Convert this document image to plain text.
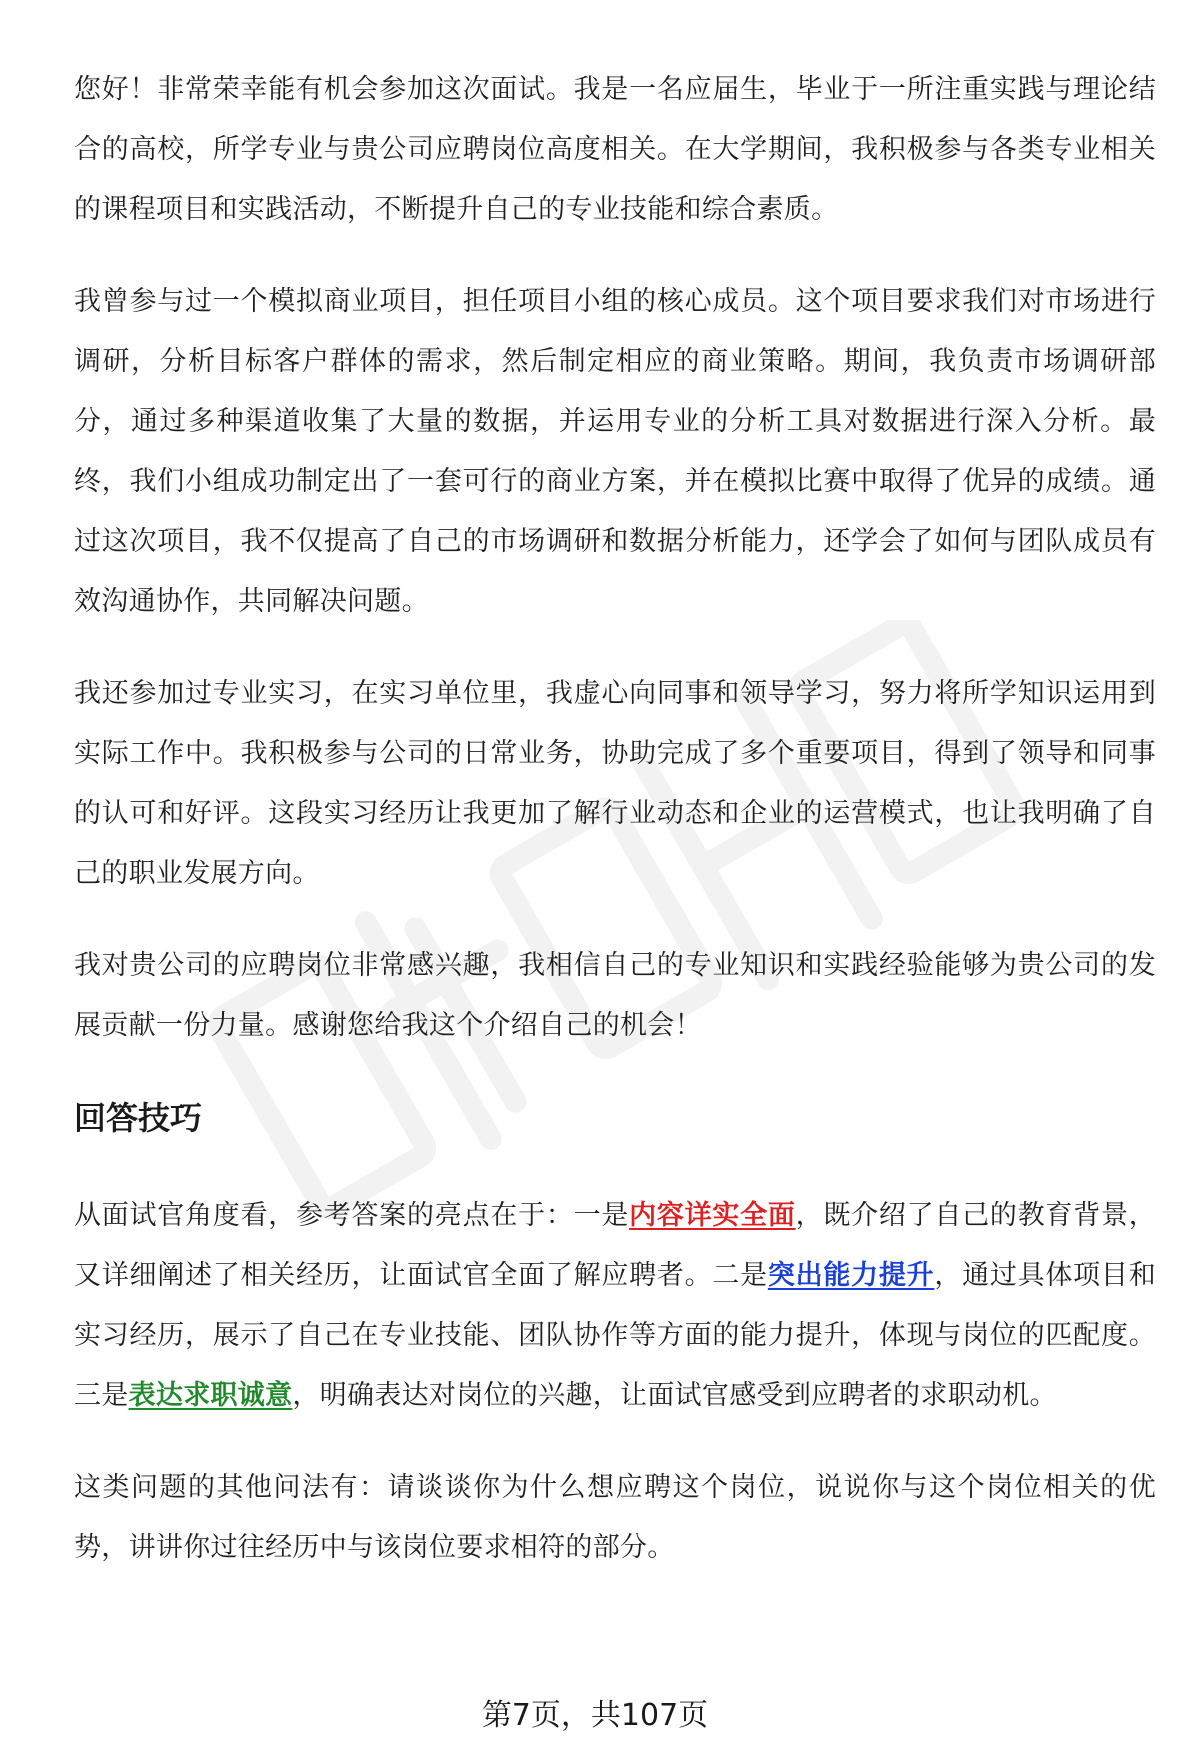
您好！非常荣幸能有机会参加这次面试。我是一名应届生，毕业于一所注重实践与理论结合的高校，所学专业与贵公司应聘岗位高度相关。在大学期间，我积极参与各类专业相关的课程项目和实践活动，不断提升自己的专业技能和综合素质。

我曾参与过一个模拟商业项目，担任项目小组的核心成员。这个项目要求我们对市场进行调研，分析目标客户群体的需求，然后制定相应的商业策略。期间，我负责市场调研部分，通过多种渠道收集了大量的数据，并运用专业的分析工具对数据进行深入分析。最终，我们小组成功制定出了一套可行的商业方案，并在模拟比赛中取得了优异的成绩。通过这次项目，我不仅提高了自己的市场调研和数据分析能力，还学会了如何与团队成员有效沟通协作，共同解决问题。

我还参加过专业实习，在实习单位里，我虚心向同事和领导学习，努力将所学知识运用到实际工作中。我积极参与公司的日常业务，协助完成了多个重要项目，得到了领导和同事的认可和好评。这段实习经历让我更加了解行业动态和企业的运营模式，也让我明确了自己的职业发展方向。

我对贵公司的应聘岗位非常感兴趣，我相信自己的专业知识和实践经验能够为贵公司的发展贡献一份力量。感谢您给我这个介绍自己的机会！

回答技巧

从面试官角度看，参考答案的亮点在于：一是内容详实全面，既介绍了自己的教育背景，又详细阐述了相关经历，让面试官全面了解应聘者。二是突出能力提升，通过具体项目和实习经历，展示了自己在专业技能、团队协作等方面的能力提升，体现与岗位的匹配度。三是表达求职诚意，明确表达对岗位的兴趣，让面试官感受到应聘者的求职动机。

这类问题的其他问法有：请谈谈你为什么想应聘这个岗位，说说你与这个岗位相关的优势，讲讲你过往经历中与该岗位要求相符的部分。

第7页，共107页
